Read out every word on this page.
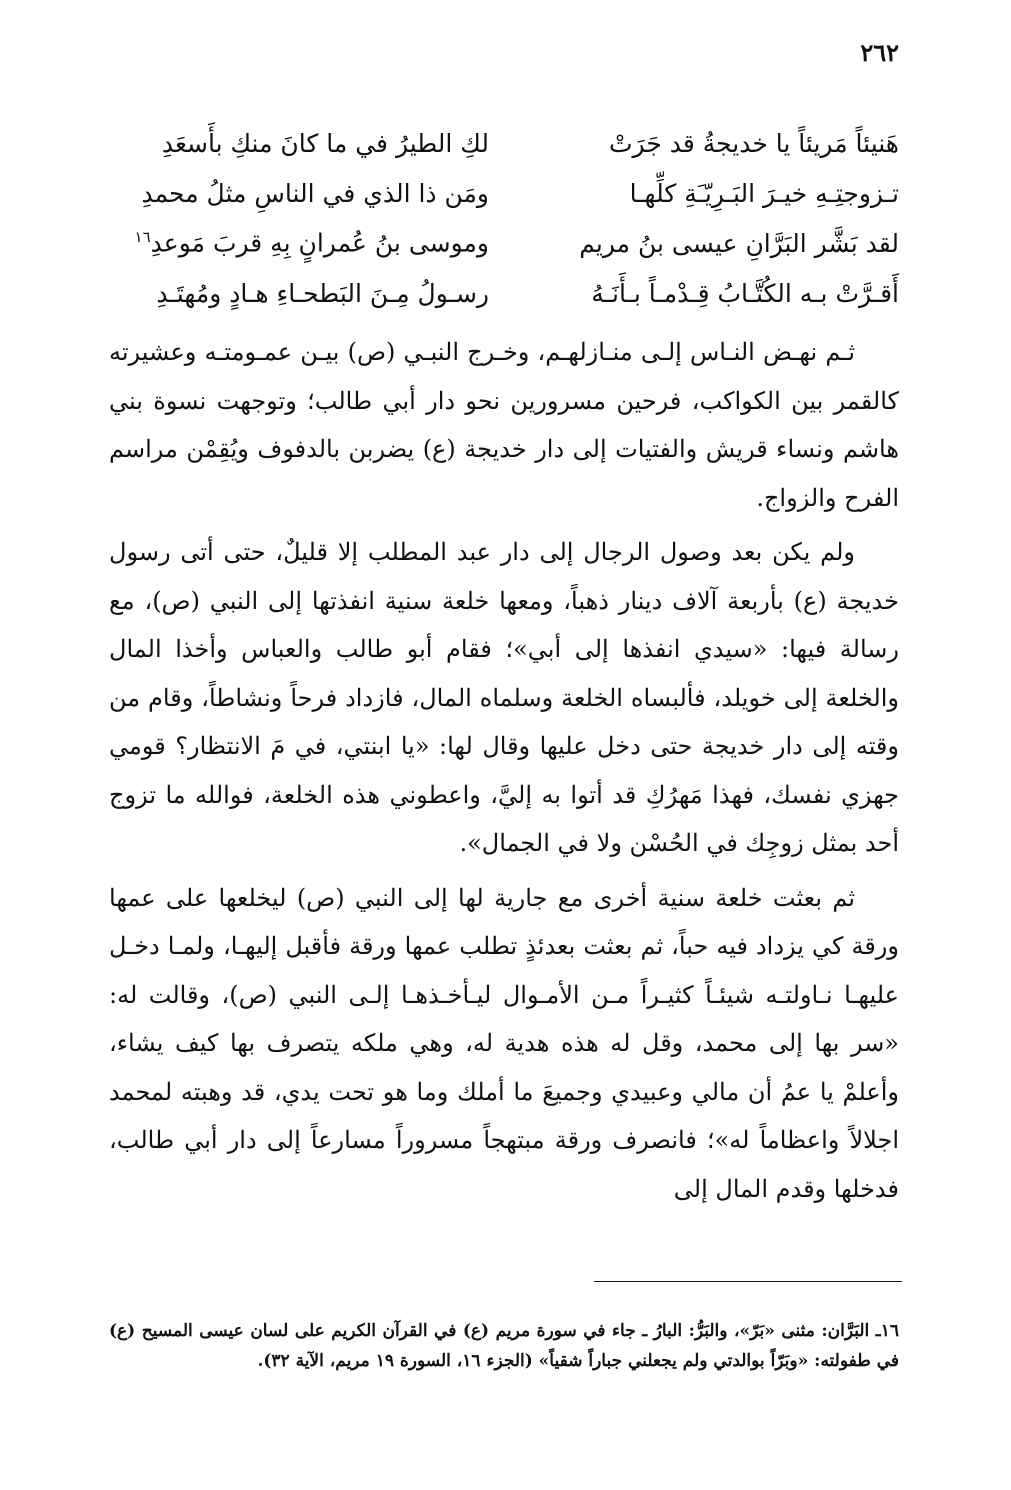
٢٦٢
هَنيئاً مَريئاً يا خديجةُ قد جَرَتْ
لكِ الطيرُ في ما كانَ منكِ بأَسعَدِ
تـزوجتِـهِ خيـرَ البَـرِيّـَةِ كلِّهـا
ومَن ذا الذي في الناسِ مثلُ محمدِ
لقد بَشَّر البَرَّانِ عيسى بنُ مريم
وموسى بنُ عُمرانٍ بِهِ قربَ مَوعدِ$^{١٦}$
أَقـرَّتْ بـه الكُتَّـابُ قِـدْمـاً بـأَنَـهُ
رسـولُ مِـنَ البَطحـاءِ هـادٍ ومُهتَـدِ

ثـم نهـض النـاس إلـى منـازلهـم، وخـرج النبـي (ص) بيـن عمـومتـه وعشيرته كالقمر بين الكواكب، فرحين مسرورين نحو دار أبي طالب؛ وتوجهت نسوة بني هاشم ونساء قريش والفتيات إلى دار خديجة (ع) يضربن بالدفوف ويُقِمْن مراسم الفرح والزواج.

ولم يكن بعد وصول الرجال إلى دار عبد المطلب إلا قليلٌ، حتى أتى رسول خديجة (ع) بأربعة آلاف دينار ذهباً، ومعها خلعة سنية انفذتها إلى النبي (ص)، مع رسالة فيها: «سيدي انفذها إلى أبي»؛ فقام أبو طالب والعباس وأخذا المال والخلعة إلى خويلد، فألبساه الخلعة وسلماه المال، فازداد فرحاً ونشاطاً، وقام من وقته إلى دار خديجة حتى دخل عليها وقال لها: «يا ابنتي، في مَ الانتظار؟ قومي جهزي نفسك، فهذا مَهرُكِ قد أتوا به إليَّ، واعطوني هذه الخلعة، فوالله ما تزوج أحد بمثل زوجِك في الحُسْن ولا في الجمال».

ثم بعثت خلعة سنية أخرى مع جارية لها إلى النبي (ص) ليخلعها على عمها ورقة كي يزداد فيه حباً، ثم بعثت بعدئذٍ تطلب عمها ورقة فأقبل إليهـا، ولمـا دخـل عليهـا نـاولتـه شيئـاً كثيـراً مـن الأمـوال ليـأخـذهـا إلـى النبي (ص)، وقالت له: «سر بها إلى محمد، وقل له هذه هدية له، وهي ملكه يتصرف بها كيف يشاء، وأعلمْ يا عمُ أن مالي وعبيدي وجميعَ ما أملك وما هو تحت يدي، قد وهبته لمحمد اجلالاً واعظاماً له»؛ فانصرف ورقة مبتهجاً مسروراً مسارعاً إلى دار أبي طالب، فدخلها وقدم المال إلى

١٦ـ البَرَّان: مثنى «بَرّ»، والبَرُّ: البارُ ـ جاء في سورة مريم (ع) في القرآن الكريم على لسان عيسى المسيح (ع) في طفولته: «وبَرّاً بوالدتي ولم يجعلني جباراً شقياً» (الجزء ١٦، السورة ١٩ مريم، الآية ٣٢).
